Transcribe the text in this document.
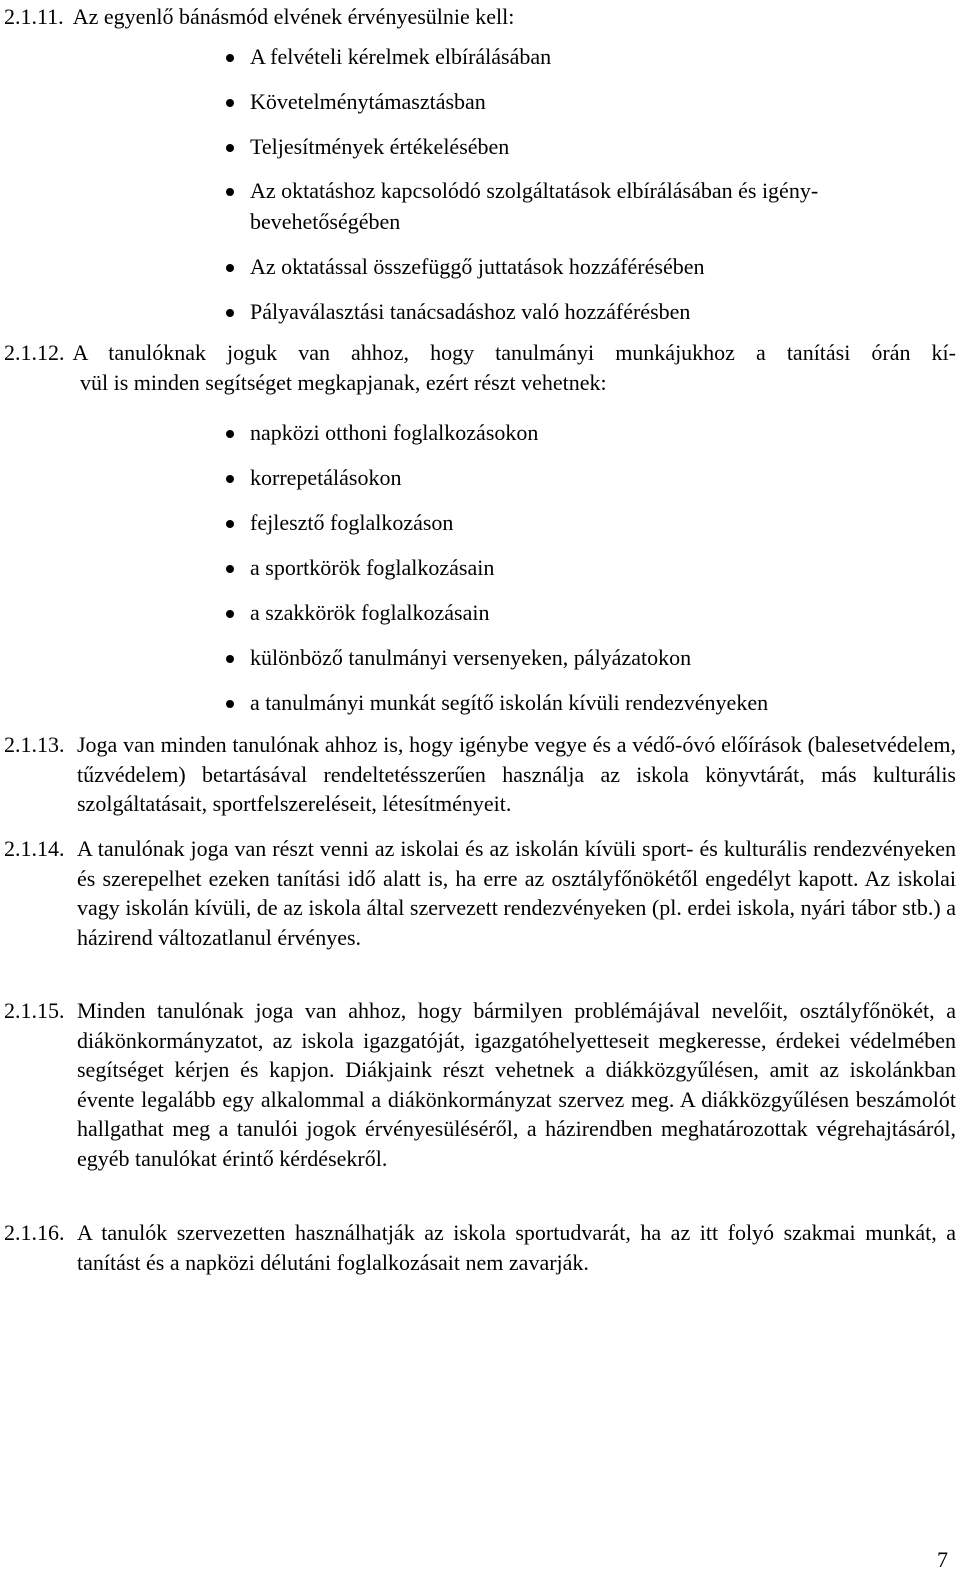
2.1.11. Az egyenlő bánásmód elvének érvényesülnie kell:
A felvételi kérelmek elbírálásában
Követelménytámasztásban
Teljesítmények értékelésében
Az oktatáshoz kapcsolódó szolgáltatások elbírálásában és igény-
bevehetőségében
Az oktatással összefüggő juttatások hozzáférésében
Pályaválasztási tanácsadáshoz való hozzáférésben
2.1.12. A tanulóknak joguk van ahhoz, hogy tanulmányi munkájukhoz a tanítási órán kí-
vül is minden segítséget megkapjanak, ezért részt vehetnek:
napközi otthoni foglalkozásokon
korrepetálásokon
fejlesztő foglalkozáson
a sportkörök foglalkozásain
a szakkörök foglalkozásain
különböző tanulmányi versenyeken, pályázatokon
a tanulmányi munkát segítő iskolán kívüli rendezvényeken
2.1.13. Joga van minden tanulónak ahhoz is, hogy igénybe vegye és a védő-óvó előírások (balesetvédelem, tűzvédelem) betartásával rendeltetésszerűen használja az iskola könyvtárát, más kulturális szolgáltatásait, sportfelszereléseit, létesítményeit.
2.1.14. A tanulónak joga van részt venni az iskolai és az iskolán kívüli sport- és kulturális rendezvényeken és szerepelhet ezeken tanítási idő alatt is, ha erre az osztályfőnökétől engedélyt kapott. Az iskolai vagy iskolán kívüli, de az iskola által szervezett rendezvényeken (pl. erdei iskola, nyári tábor stb.) a házirend változatlanul érvényes.
2.1.15. Minden tanulónak joga van ahhoz, hogy bármilyen problémájával nevelőit, osztályfőnökét, a diákönkormányzatot, az iskola igazgatóját, igazgatóhelyetteseit megkeresse, érdekei védelmében segítséget kérjen és kapjon. Diákjaink részt vehetnek a diákközgyűlésen, amit az iskolánkban évente legalább egy alkalommal a diákönkormányzat szervez meg. A diákközgyűlésen beszámolót hallgathat meg a tanulói jogok érvényesüléséről, a házirendben meghatározottak végrehajtásáról, egyéb tanulókat érintő kérdésekről.
2.1.16. A tanulók szervezetten használhatják az iskola sportudvarát, ha az itt folyó szakmai munkát, a tanítást és a napközi délutáni foglalkozásait nem zavarják.
7
